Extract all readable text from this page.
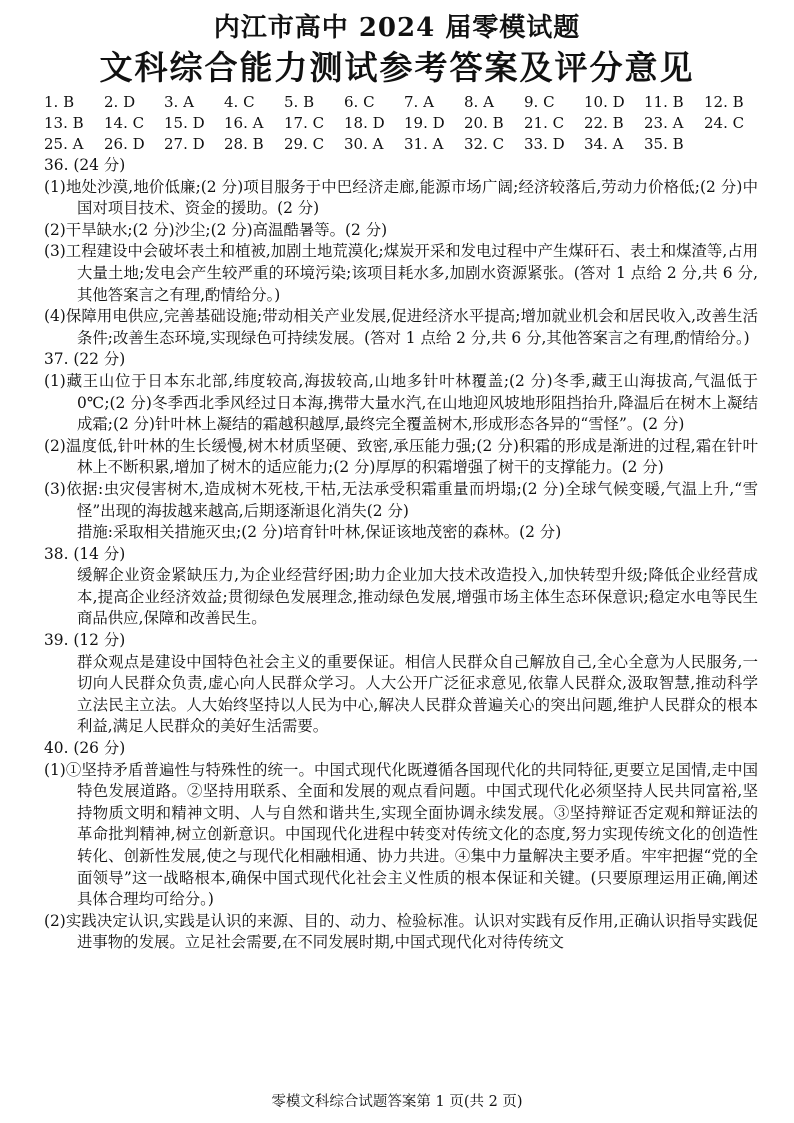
内江市高中 2024 届零模试题
文科综合能力测试参考答案及评分意见
1. B	2. D	3. A	4. C	5. B	6. C	7. A	8. A	9. C	10. D	11. B	12. B
13. B	14. C	15. D	16. A	17. C	18. D	19. D	20. B	21. C	22. B	23. A	24. C
25. A	26. D	27. D	28. B	29. C	30. A	31. A	32. C	33. D	34. A	35. B

36. (24 分)

(1)地处沙漠,地价低廉;(2 分)项目服务于中巴经济走廊,能源市场广阔;经济较落后,劳动力价格低;(2 分)中国对项目技术、资金的援助。(2 分)

(2)干旱缺水;(2 分)沙尘;(2 分)高温酷暑等。(2 分)

(3)工程建设中会破坏表土和植被,加剧土地荒漠化;煤炭开采和发电过程中产生煤矸石、表土和煤渣等,占用大量土地;发电会产生较严重的环境污染;该项目耗水多,加剧水资源紧张。(答对 1 点给 2 分,共 6 分,其他答案言之有理,酌情给分。)

(4)保障用电供应,完善基础设施;带动相关产业发展,促进经济水平提高;增加就业机会和居民收入,改善生活条件;改善生态环境,实现绿色可持续发展。(答对 1 点给 2 分,共 6 分,其他答案言之有理,酌情给分。)

37. (22 分)

(1)藏王山位于日本东北部,纬度较高,海拔较高,山地多针叶林覆盖;(2 分)冬季,藏王山海拔高,气温低于 0℃;(2 分)冬季西北季风经过日本海,携带大量水汽,在山地迎风坡地形阻挡抬升,降温后在树木上凝结成霜;(2 分)针叶林上凝结的霜越积越厚,最终完全覆盖树木,形成形态各异的“雪怪”。(2 分)

(2)温度低,针叶林的生长缓慢,树木材质坚硬、致密,承压能力强;(2 分)积霜的形成是渐进的过程,霜在针叶林上不断积累,增加了树木的适应能力;(2 分)厚厚的积霜增强了树干的支撑能力。(2 分)

(3)依据:虫灾侵害树木,造成树木死枝,干枯,无法承受积霜重量而坍塌;(2 分)全球气候变暖,气温上升,“雪怪”出现的海拔越来越高,后期逐渐退化消失(2 分)

措施:采取相关措施灭虫;(2 分)培育针叶林,保证该地茂密的森林。(2 分)

38. (14 分)

缓解企业资金紧缺压力,为企业经营纾困;助力企业加大技术改造投入,加快转型升级;降低企业经营成本,提高企业经济效益;贯彻绿色发展理念,推动绿色发展,增强市场主体生态环保意识;稳定水电等民生商品供应,保障和改善民生。

39. (12 分)

群众观点是建设中国特色社会主义的重要保证。相信人民群众自己解放自己,全心全意为人民服务,一切向人民群众负责,虚心向人民群众学习。人大公开广泛征求意见,依靠人民群众,汲取智慧,推动科学立法民主立法。人大始终坚持以人民为中心,解决人民群众普遍关心的突出问题,维护人民群众的根本利益,满足人民群众的美好生活需要。

40. (26 分)

(1)①坚持矛盾普遍性与特殊性的统一。中国式现代化既遵循各国现代化的共同特征,更要立足国情,走中国特色发展道路。②坚持用联系、全面和发展的观点看问题。中国式现代化必须坚持人民共同富裕,坚持物质文明和精神文明、人与自然和谐共生,实现全面协调永续发展。③坚持辩证否定观和辩证法的革命批判精神,树立创新意识。中国现代化进程中转变对传统文化的态度,努力实现传统文化的创造性转化、创新性发展,使之与现代化相融相通、协力共进。④集中力量解决主要矛盾。牢牢把握“党的全面领导”这一战略根本,确保中国式现代化社会主义性质的根本保证和关键。(只要原理运用正确,阐述具体合理均可给分。)

(2)实践决定认识,实践是认识的来源、目的、动力、检验标准。认识对实践有反作用,正确认识指导实践促进事物的发展。立足社会需要,在不同发展时期,中国式现代化对待传统文

零模文科综合试题答案第 1 页(共 2 页)
